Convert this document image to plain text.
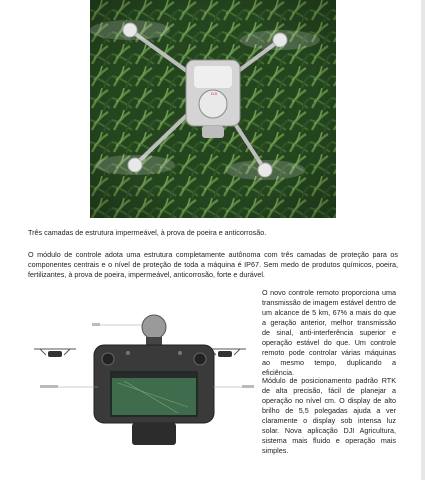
DJI
Três camadas de estrutura impermeável, à prova de poeira e anticorrosão.
O módulo de controle adota uma estrutura completamente autônoma com três camadas de proteção para os componentes centrais e o nível de proteção de toda a máquina é IP67. Sem medo de produtos químicos, poeira, fertilizantes, à prova de poeira, impermeável, anticorrosão, forte e durável.
O novo controle remoto proporciona uma transmissão de imagem estável dentro de um alcance de 5 km, 67% a mais do que a geração anterior, melhor transmissão de sinal, anti-interferência superior e operação estável do que. Um controle remoto pode controlar várias máquinas ao mesmo tempo, duplicando a eficiência.
Módulo de posicionamento padrão RTK de alta precisão, fácil de planejar a operação no nível cm. O display de alto brilho de 5,5 polegadas ajuda a ver claramente o display sob intensa luz solar. Nova aplicação DJI Agricultura, sistema mais fluido e operação mais simples.
